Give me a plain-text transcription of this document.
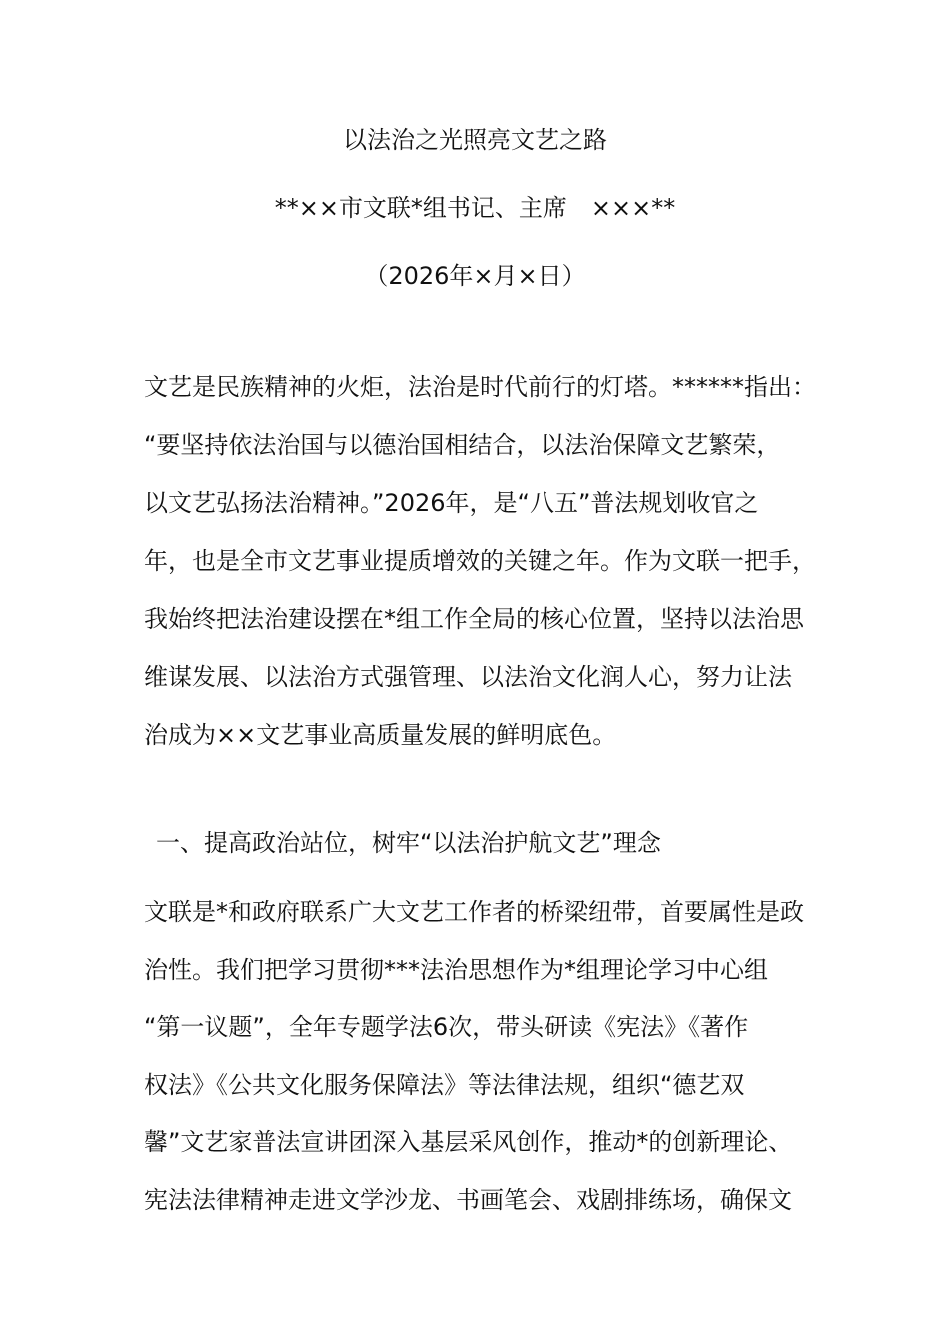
以法治之光照亮文艺之路
**××市文联*组书记、主席　×××**
（2026年×月×日）
文艺是民族精神的火炬，法治是时代前行的灯塔。******指出：
“要坚持依法治国与以德治国相结合，以法治保障文艺繁荣，
以文艺弘扬法治精神。”2026年，是“八五”普法规划收官之
年，也是全市文艺事业提质增效的关键之年。作为文联一把手，
我始终把法治建设摆在*组工作全局的核心位置，坚持以法治思
维谋发展、以法治方式强管理、以法治文化润人心，努力让法
治成为××文艺事业高质量发展的鲜明底色。
一、提高政治站位，树牢“以法治护航文艺”理念
文联是*和政府联系广大文艺工作者的桥梁纽带，首要属性是政
治性。我们把学习贯彻***法治思想作为*组理论学习中心组
“第一议题”，全年专题学法6次，带头研读《宪法》《著作
权法》《公共文化服务保障法》等法律法规，组织“德艺双
馨”文艺家普法宣讲团深入基层采风创作，推动*的创新理论、
宪法法律精神走进文学沙龙、书画笔会、戏剧排练场，确保文
